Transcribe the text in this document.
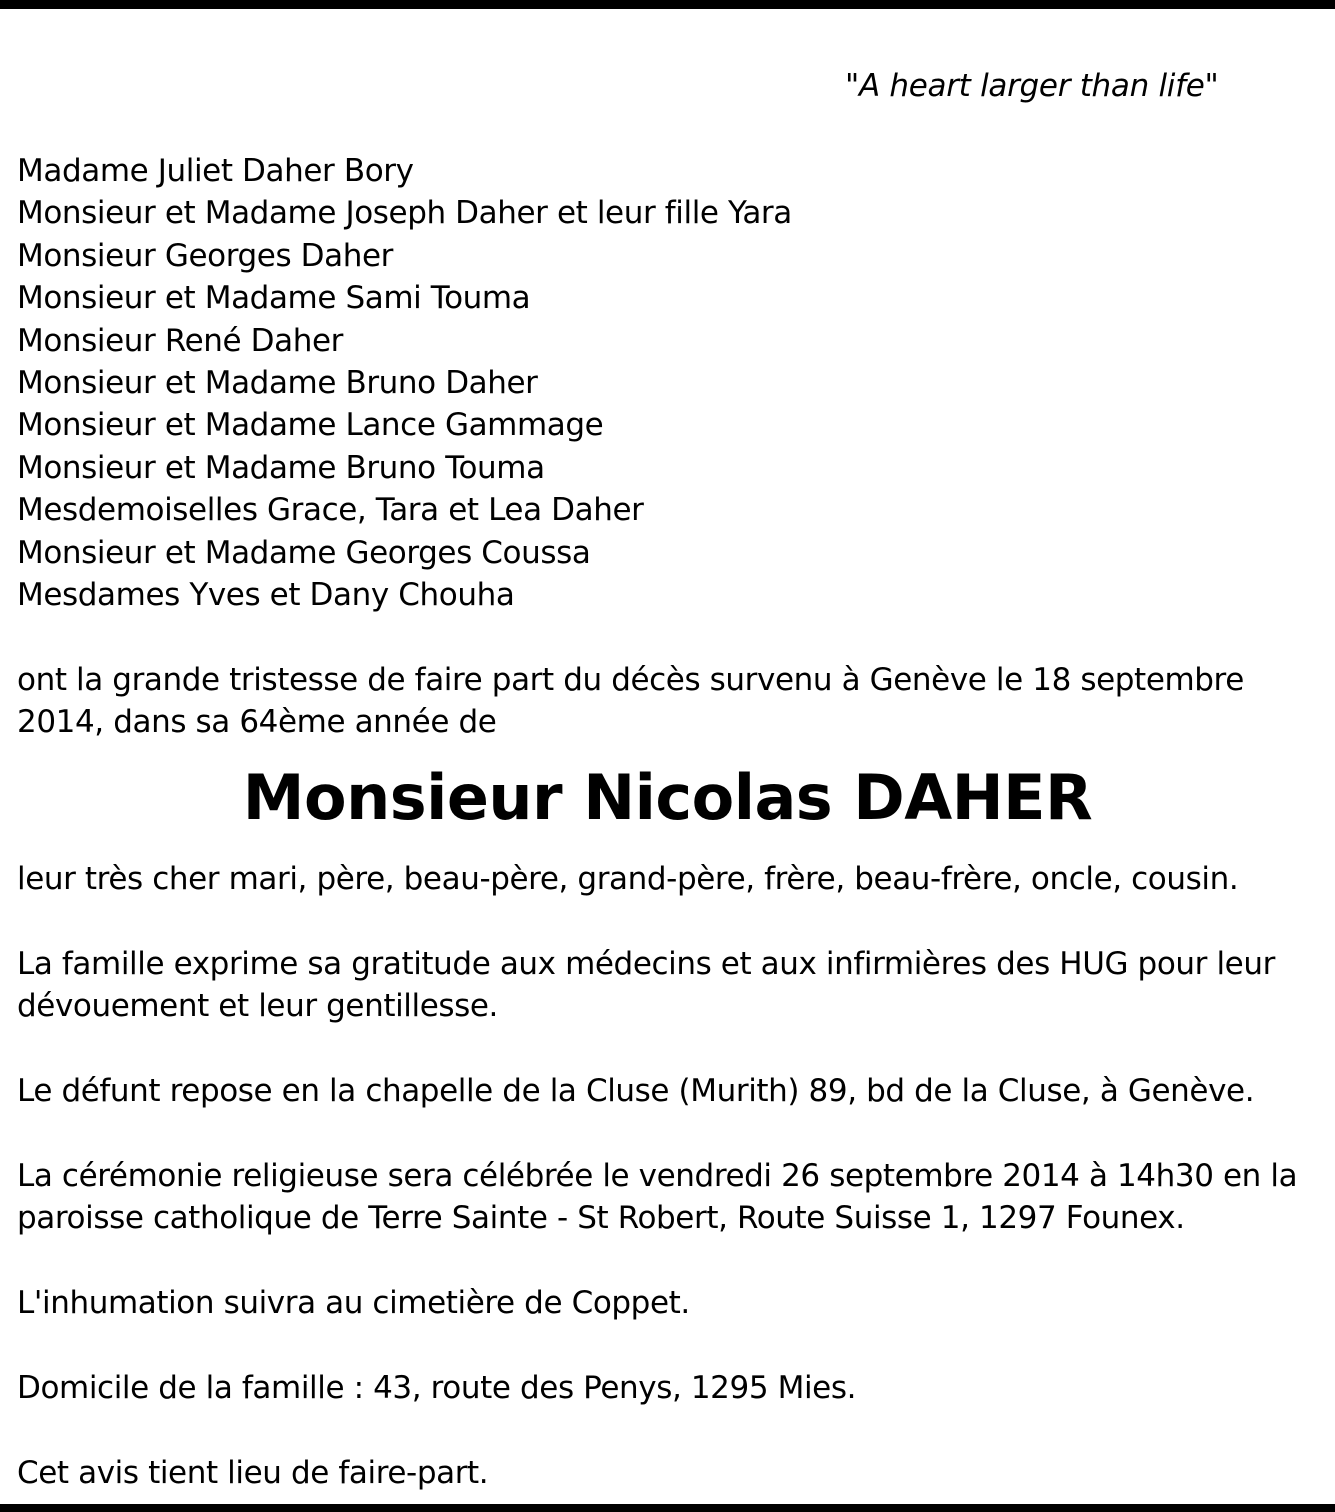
"A heart larger than life"
Madame Juliet Daher Bory
Monsieur et Madame Joseph Daher et leur fille Yara
Monsieur Georges Daher
Monsieur et Madame Sami Touma
Monsieur René Daher
Monsieur et Madame Bruno Daher
Monsieur et Madame Lance Gammage
Monsieur et Madame Bruno Touma
Mesdemoiselles Grace, Tara et Lea Daher
Monsieur et Madame Georges Coussa
Mesdames Yves et Dany Chouha
ont la grande tristesse de faire part du décès survenu à Genève le 18 septembre
2014, dans sa 64ème année de
Monsieur Nicolas DAHER
leur très cher mari, père, beau-père, grand-père, frère, beau-frère, oncle, cousin.
La famille exprime sa gratitude aux médecins et aux infirmières des HUG pour leur
dévouement et leur gentillesse.
Le défunt repose en la chapelle de la Cluse (Murith) 89, bd de la Cluse, à Genève.
La cérémonie religieuse sera célébrée le vendredi 26 septembre 2014 à 14h30 en la
paroisse catholique de Terre Sainte - St Robert, Route Suisse 1, 1297 Founex.
L'inhumation suivra au cimetière de Coppet.
Domicile de la famille : 43, route des Penys, 1295 Mies.
Cet avis tient lieu de faire-part.
